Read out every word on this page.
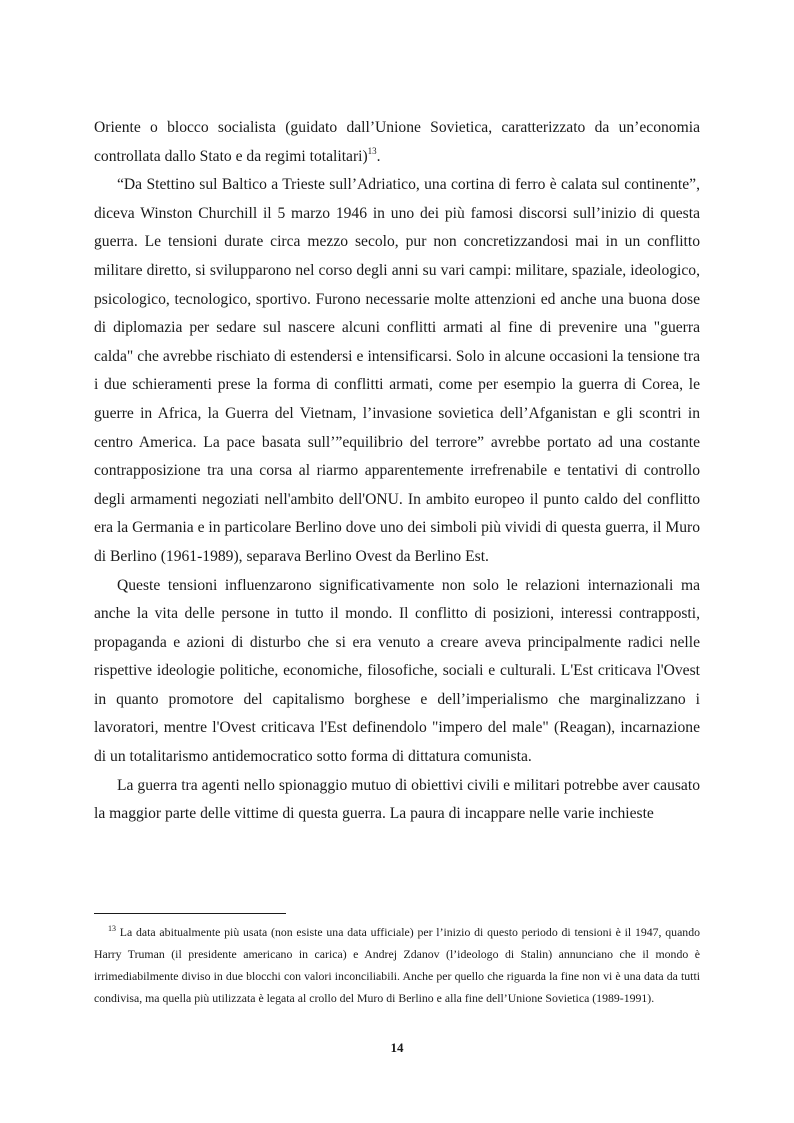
Oriente o blocco socialista (guidato dall’Unione Sovietica, caratterizzato da un’economia controllata dallo Stato e da regimi totalitari)$^{13}$.

“Da Stettino sul Baltico a Trieste sull’Adriatico, una cortina di ferro è calata sul continente”, diceva Winston Churchill il 5 marzo 1946 in uno dei più famosi discorsi sull’inizio di questa guerra. Le tensioni durate circa mezzo secolo, pur non concretizzandosi mai in un conflitto militare diretto, si svilupparono nel corso degli anni su vari campi: militare, spaziale, ideologico, psicologico, tecnologico, sportivo. Furono necessarie molte attenzioni ed anche una buona dose di diplomazia per sedare sul nascere alcuni conflitti armati al fine di prevenire una "guerra calda" che avrebbe rischiato di estendersi e intensificarsi. Solo in alcune occasioni la tensione tra i due schieramenti prese la forma di conflitti armati, come per esempio la guerra di Corea, le guerre in Africa, la Guerra del Vietnam, l’invasione sovietica dell’Afganistan e gli scontri in centro America. La pace basata sull’”equilibrio del terrore” avrebbe portato ad una costante contrapposizione tra una corsa al riarmo apparentemente irrefrenabile e tentativi di controllo degli armamenti negoziati nell'ambito dell'ONU. In ambito europeo il punto caldo del conflitto era la Germania e in particolare Berlino dove uno dei simboli più vividi di questa guerra, il Muro di Berlino (1961-1989), separava Berlino Ovest da Berlino Est.

Queste tensioni influenzarono significativamente non solo le relazioni internazionali ma anche la vita delle persone in tutto il mondo. Il conflitto di posizioni, interessi contrapposti, propaganda e azioni di disturbo che si era venuto a creare aveva principalmente radici nelle rispettive ideologie politiche, economiche, filosofiche, sociali e culturali. L'Est criticava l'Ovest in quanto promotore del capitalismo borghese e dell’imperialismo che marginalizzano i lavoratori, mentre l'Ovest criticava l'Est definendolo "impero del male" (Reagan), incarnazione di un totalitarismo antidemocratico sotto forma di dittatura comunista.

La guerra tra agenti nello spionaggio mutuo di obiettivi civili e militari potrebbe aver causato la maggior parte delle vittime di questa guerra. La paura di incappare nelle varie inchieste

$^{13}$ La data abitualmente più usata (non esiste una data ufficiale) per l’inizio di questo periodo di tensioni è il 1947, quando Harry Truman (il presidente americano in carica) e Andrej Zdanov (l’ideologo di Stalin) annunciano che il mondo è irrimediabilmente diviso in due blocchi con valori inconciliabili. Anche per quello che riguarda la fine non vi è una data da tutti condivisa, ma quella più utilizzata è legata al crollo del Muro di Berlino e alla fine dell’Unione Sovietica (1989-1991).

14
